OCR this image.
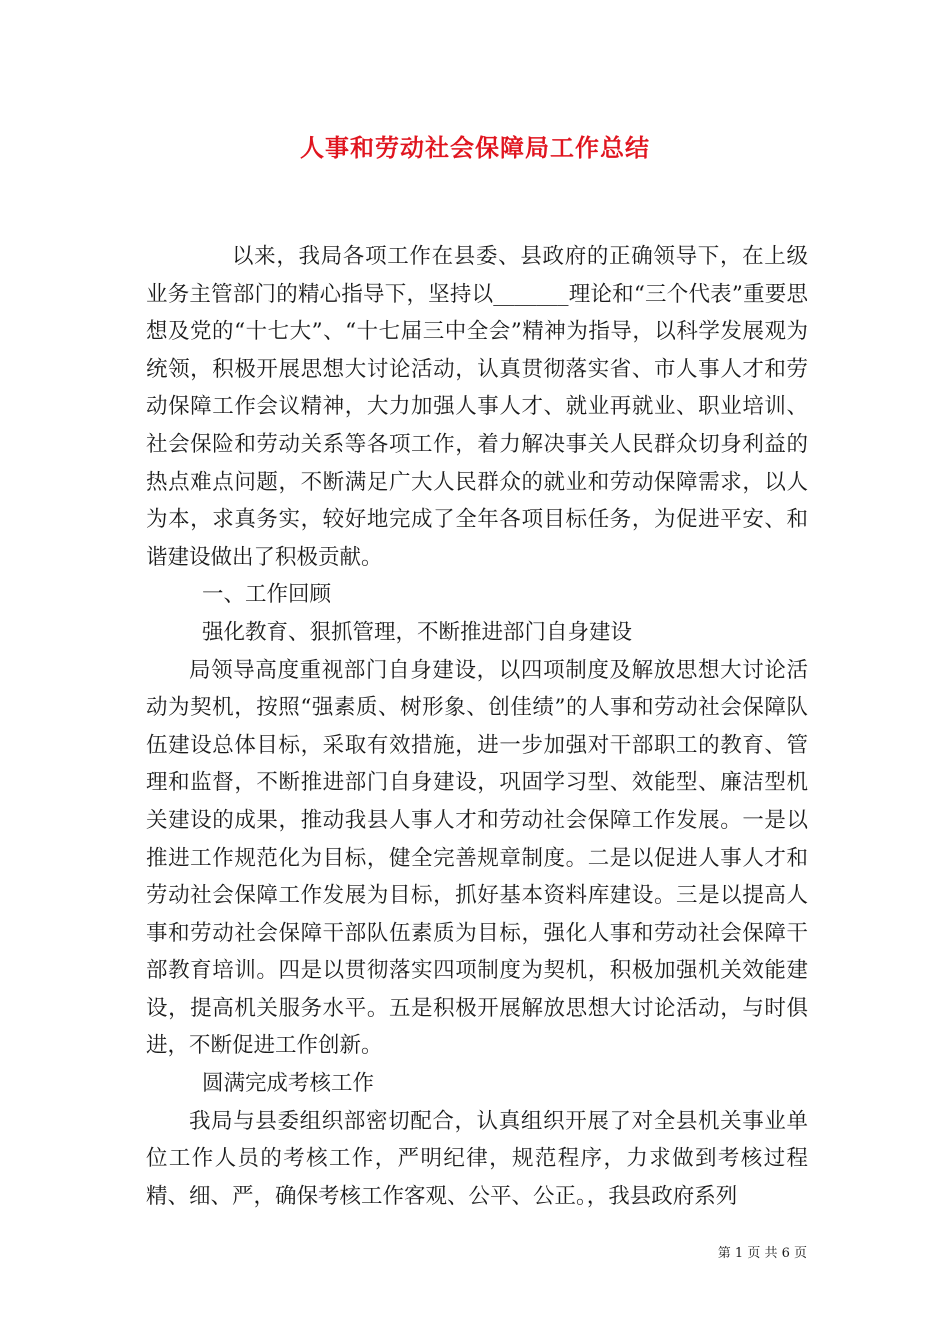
人事和劳动社会保障局工作总结

以来，我局各项工作在县委、县政府的正确领导下，在上级业务主管部门的精心指导下，坚持以_______理论和“三个代表”重要思想及党的“十七大”、“十七届三中全会”精神为指导，以科学发展观为统领，积极开展思想大讨论活动，认真贯彻落实省、市人事人才和劳动保障工作会议精神，大力加强人事人才、就业再就业、职业培训、社会保险和劳动关系等各项工作，着力解决事关人民群众切身利益的热点难点问题，不断满足广大人民群众的就业和劳动保障需求，以人为本，求真务实，较好地完成了全年各项目标任务，为促进平安、和谐建设做出了积极贡献。

一、工作回顾

强化教育、狠抓管理，不断推进部门自身建设

局领导高度重视部门自身建设，以四项制度及解放思想大讨论活动为契机，按照“强素质、树形象、创佳绩”的人事和劳动社会保障队伍建设总体目标，采取有效措施，进一步加强对干部职工的教育、管理和监督，不断推进部门自身建设，巩固学习型、效能型、廉洁型机关建设的成果，推动我县人事人才和劳动社会保障工作发展。一是以推进工作规范化为目标，健全完善规章制度。二是以促进人事人才和劳动社会保障工作发展为目标，抓好基本资料库建设。三是以提高人事和劳动社会保障干部队伍素质为目标，强化人事和劳动社会保障干部教育培训。四是以贯彻落实四项制度为契机，积极加强机关效能建设，提高机关服务水平。五是积极开展解放思想大讨论活动，与时俱进，不断促进工作创新。

圆满完成考核工作

我局与县委组织部密切配合，认真组织开展了对全县机关事业单位工作人员的考核工作，严明纪律，规范程序，力求做到考核过程精、细、严，确保考核工作客观、公平、公正。，我县政府系列

第 1 页 共 6 页
